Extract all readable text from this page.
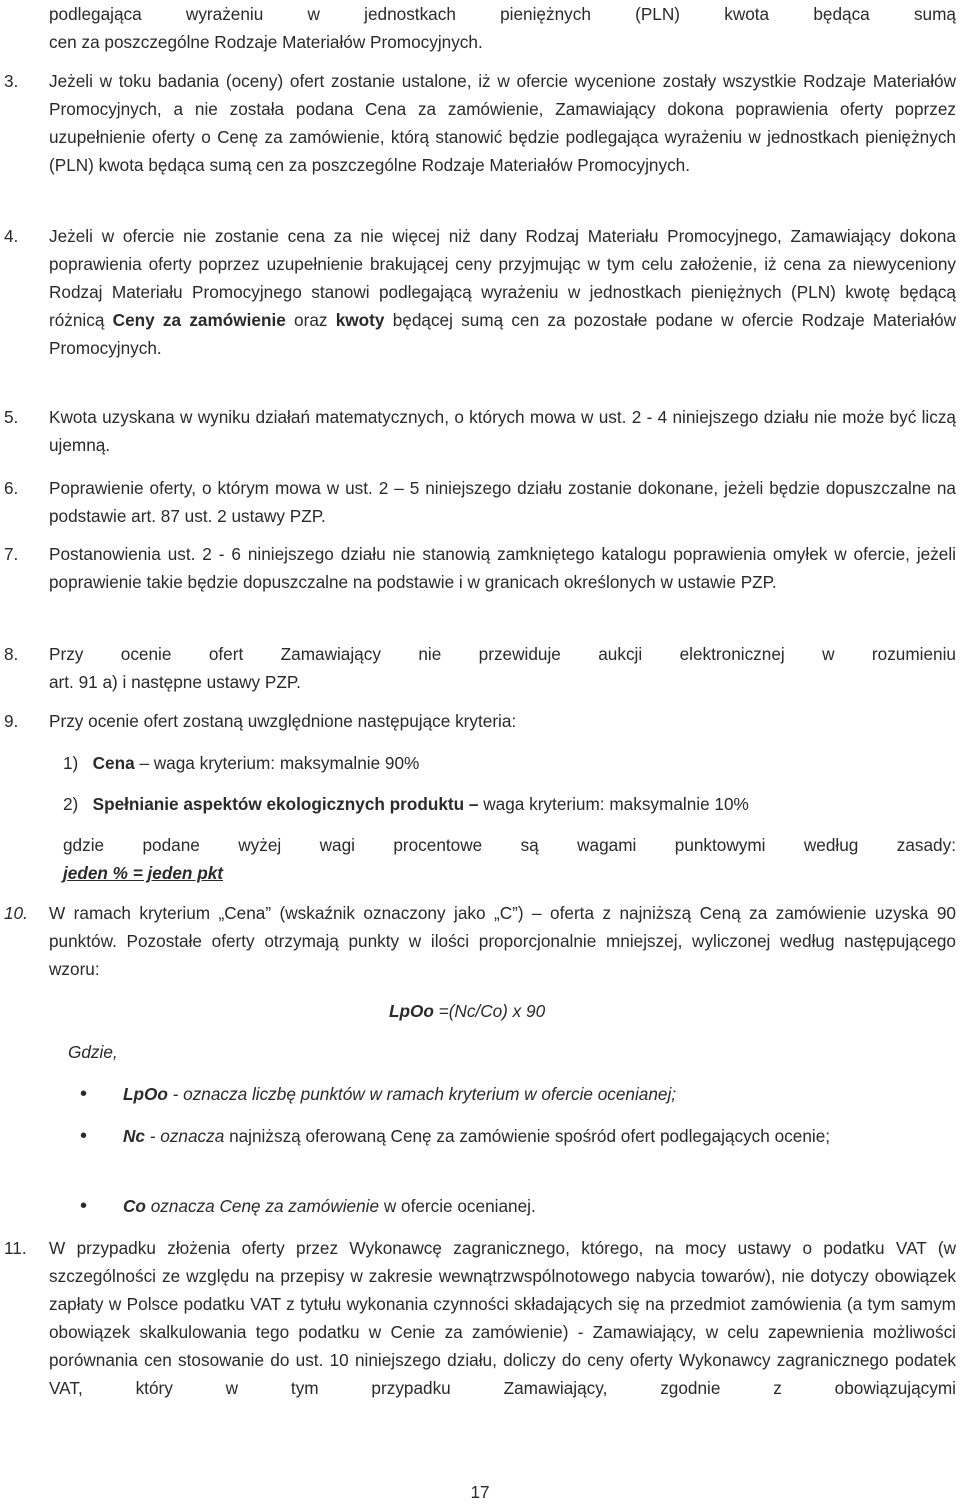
podlegająca wyrażeniu w jednostkach pieniężnych (PLN) kwota będąca sumą
cen za poszczególne Rodzaje Materiałów Promocyjnych.
3. Jeżeli w toku badania (oceny) ofert zostanie ustalone, iż w ofercie wycenione zostały wszystkie Rodzaje Materiałów Promocyjnych, a nie została podana Cena za zamówienie, Zamawiający dokona poprawienia oferty poprzez uzupełnienie oferty o Cenę za zamówienie, którą stanowić będzie podlegająca wyrażeniu w jednostkach pieniężnych (PLN) kwota będąca sumą cen za poszczególne Rodzaje Materiałów Promocyjnych.
4. Jeżeli w ofercie nie zostanie cena za nie więcej niż dany Rodzaj Materiału Promocyjnego, Zamawiający dokona poprawienia oferty poprzez uzupełnienie brakującej ceny przyjmując w tym celu założenie, iż cena za niewyceniony Rodzaj Materiału Promocyjnego stanowi podlegającą wyrażeniu w jednostkach pieniężnych (PLN) kwotę będącą różnicą Ceny za zamówienie oraz kwoty będącej sumą cen za pozostałe podane w ofercie Rodzaje Materiałów Promocyjnych.
5. Kwota uzyskana w wyniku działań matematycznych, o których mowa w ust. 2 - 4 niniejszego działu nie może być liczą ujemną.
6. Poprawienie oferty, o którym mowa w ust. 2 – 5 niniejszego działu zostanie dokonane, jeżeli będzie dopuszczalne na podstawie art. 87 ust. 2 ustawy PZP.
7. Postanowienia ust. 2 - 6 niniejszego działu nie stanowią zamkniętego katalogu poprawienia omyłek w ofercie, jeżeli poprawienie takie będzie dopuszczalne na podstawie i w granicach określonych w ustawie PZP.
8. Przy ocenie ofert Zamawiający nie przewiduje aukcji elektronicznej w rozumieniu
art. 91 a) i następne ustawy PZP.
9. Przy ocenie ofert zostaną uwzględnione następujące kryteria:
1) Cena – waga kryterium: maksymalnie 90%
2) Spełnianie aspektów ekologicznych produktu – waga kryterium: maksymalnie 10%
gdzie podane wyżej wagi procentowe są wagami punktowymi według zasady:
jeden % = jeden pkt
10. W ramach kryterium „Cena” (wskaźnik oznaczony jako „C”) – oferta z najniższą Ceną za zamówienie uzyska 90 punktów. Pozostałe oferty otrzymają punkty w ilości proporcjonalnie mniejszej, wyliczonej według następującego wzoru:
LpOo =(Nc/Co) x 90
Gdzie,
• LpOo - oznacza liczbę punktów w ramach kryterium w ofercie ocenianej;
• Nc - oznacza najniższą oferowaną Cenę za zamówienie spośród ofert podlegających ocenie;
• Co oznacza Cenę za zamówienie w ofercie ocenianej.
11. W przypadku złożenia oferty przez Wykonawcę zagranicznego, którego, na mocy ustawy o podatku VAT (w szczególności ze względu na przepisy w zakresie wewnątrzwspólnotowego nabycia towarów), nie dotyczy obowiązek zapłaty w Polsce podatku VAT z tytułu wykonania czynności składających się na przedmiot zamówienia (a tym samym obowiązek skalkulowania tego podatku w Cenie za zamówienie) - Zamawiający, w celu zapewnienia możliwości porównania cen stosowanie do ust. 10 niniejszego działu, doliczy do ceny oferty Wykonawcy zagranicznego podatek VAT, który w tym przypadku Zamawiający, zgodnie z obowiązującymi
17
